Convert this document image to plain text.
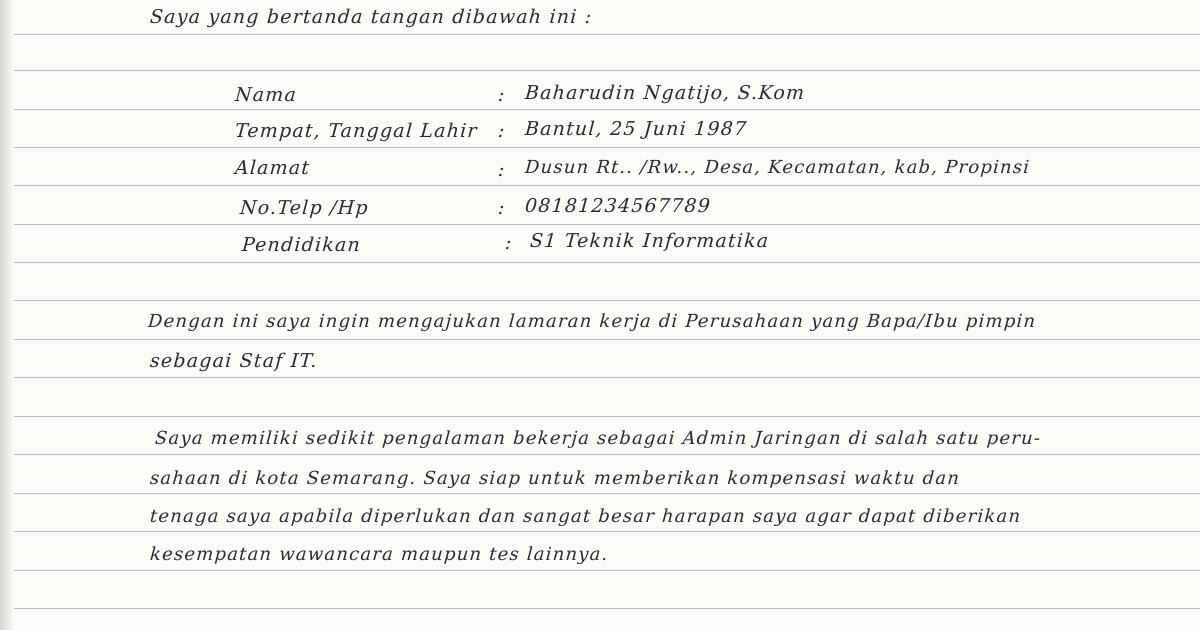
Saya yang bertanda tangan dibawah ini :
Nama	: Baharudin Ngatijo, S.Kom
Tempat, Tanggal Lahir : Bantul, 25 Juni 1987
Alamat	: Dusun Rt.. /Rw.., Desa, Kecamatan, kab, Propinsi
No.Telp /Hp	: 08181234567789
Pendidikan	: S1 Teknik Informatika
Dengan ini saya ingin mengajukan lamaran kerja di Perusahaan yang Bapa/Ibu pimpin
sebagai Staf IT.
Saya memiliki sedikit pengalaman bekerja sebagai Admin Jaringan di salah satu peru-
sahaan di kota Semarang. Saya siap untuk memberikan kompensasi waktu dan
tenaga saya apabila diperlukan dan sangat besar harapan saya agar dapat diberikan
kesempatan wawancara maupun tes lainnya.
